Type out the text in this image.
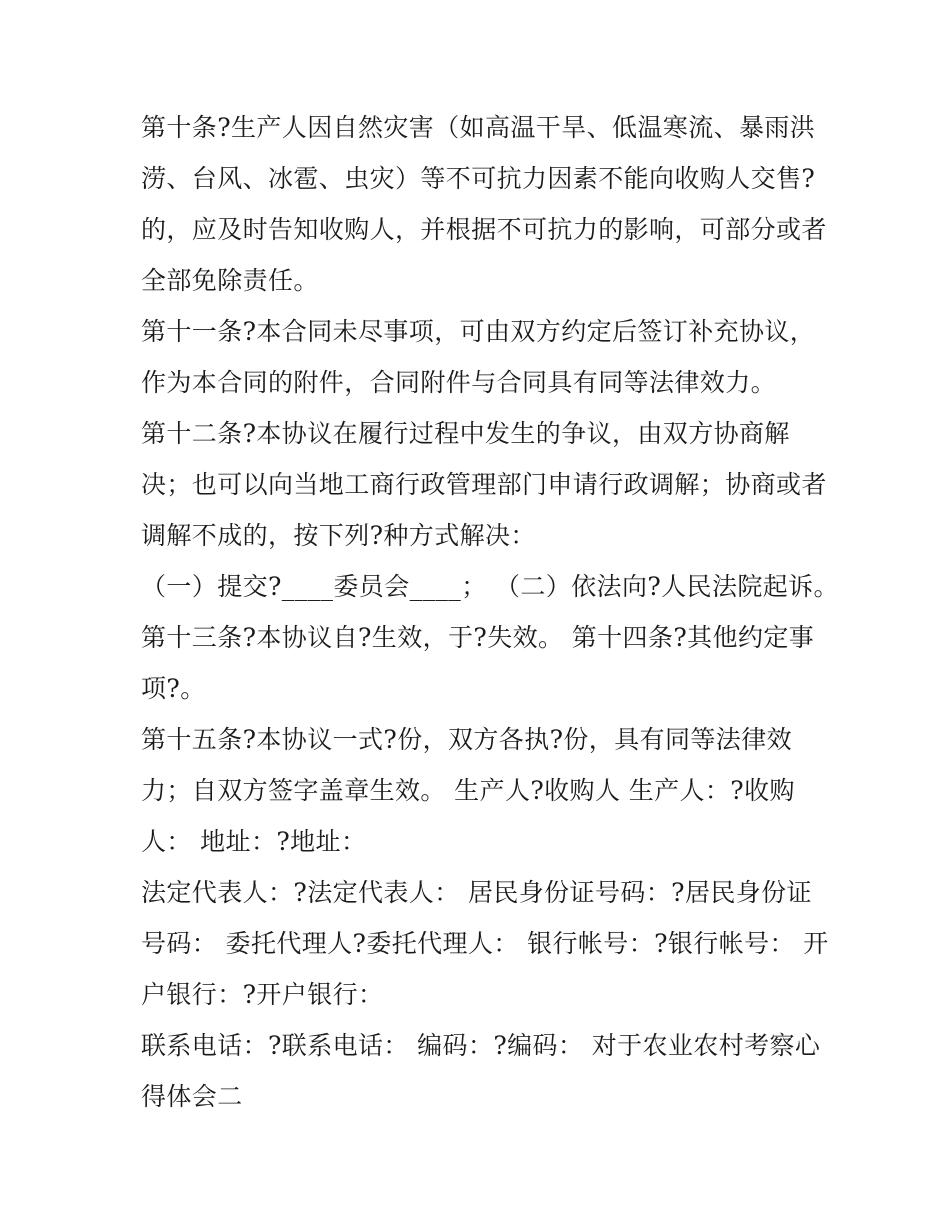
第十条?生产人因自然灾害（如高温干旱、低温寒流、暴雨洪
涝、台风、冰雹、虫灾）等不可抗力因素不能向收购人交售?
的，应及时告知收购人，并根据不可抗力的影响，可部分或者
全部免除责任。
第十一条?本合同未尽事项，可由双方约定后签订补充协议，
作为本合同的附件，合同附件与合同具有同等法律效力。
第十二条?本协议在履行过程中发生的争议，由双方协商解
决；也可以向当地工商行政管理部门申请行政调解；协商或者
调解不成的，按下列?种方式解决：
（一）提交?____委员会____； （二）依法向?人民法院起诉。
第十三条?本协议自?生效，于?失效。 第十四条?其他约定事
项?。
第十五条?本协议一式?份，双方各执?份，具有同等法律效
力；自双方签字盖章生效。 生产人?收购人 生产人：?收购
人： 地址：?地址：
法定代表人：?法定代表人： 居民身份证号码：?居民身份证
号码： 委托代理人?委托代理人： 银行帐号：?银行帐号： 开
户银行：?开户银行：
联系电话：?联系电话： 编码：?编码： 对于农业农村考察心
得体会二
